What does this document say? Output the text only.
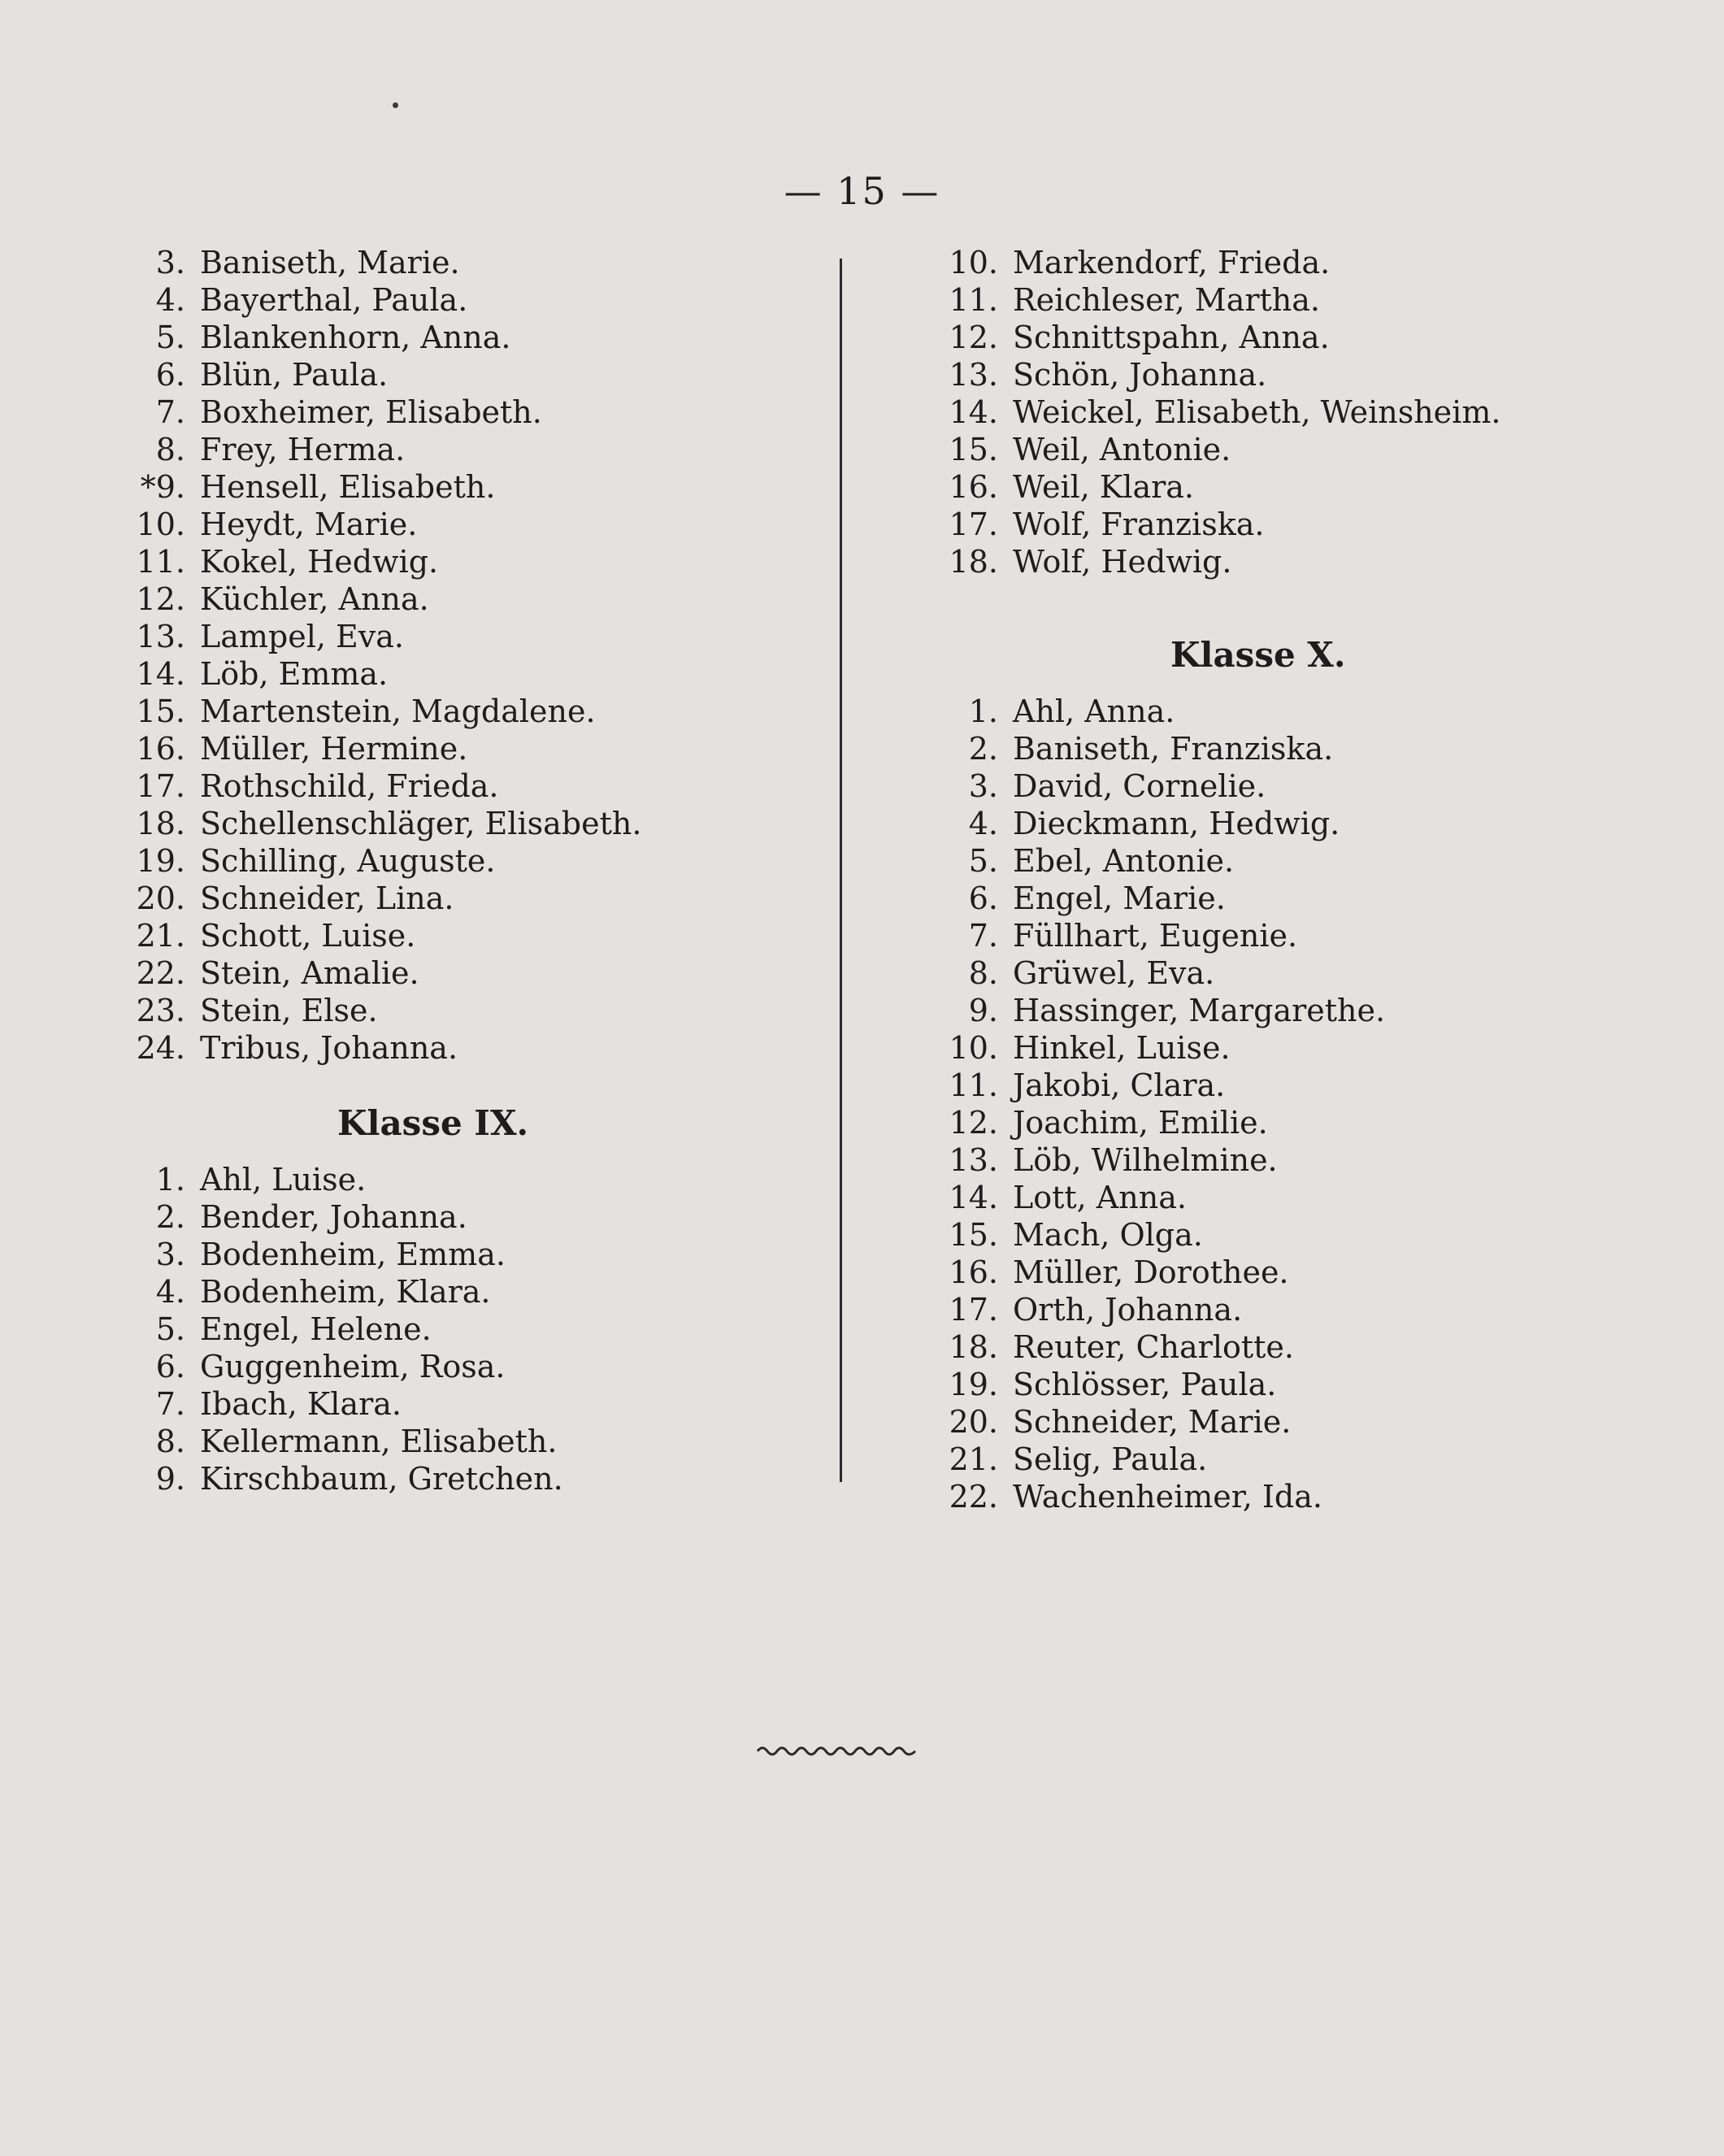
— 15 —
3. Baniseth, Marie.
4. Bayerthal, Paula.
5. Blankenhorn, Anna.
6. Blün, Paula.
7. Boxheimer, Elisabeth.
8. Frey, Herma.
*9. Hensell, Elisabeth.
10. Heydt, Marie.
11. Kokel, Hedwig.
12. Küchler, Anna.
13. Lampel, Eva.
14. Löb, Emma.
15. Martenstein, Magdalene.
16. Müller, Hermine.
17. Rothschild, Frieda.
18. Schellenschläger, Elisabeth.
19. Schilling, Auguste.
20. Schneider, Lina.
21. Schott, Luise.
22. Stein, Amalie.
23. Stein, Else.
24. Tribus, Johanna.
Klasse IX.
1. Ahl, Luise.
2. Bender, Johanna.
3. Bodenheim, Emma.
4. Bodenheim, Klara.
5. Engel, Helene.
6. Guggenheim, Rosa.
7. Ibach, Klara.
8. Kellermann, Elisabeth.
9. Kirschbaum, Gretchen.
10. Markendorf, Frieda.
11. Reichleser, Martha.
12. Schnittspahn, Anna.
13. Schön, Johanna.
14. Weickel, Elisabeth, Weinsheim.
15. Weil, Antonie.
16. Weil, Klara.
17. Wolf, Franziska.
18. Wolf, Hedwig.
Klasse X.
1. Ahl, Anna.
2. Baniseth, Franziska.
3. David, Cornelie.
4. Dieckmann, Hedwig.
5. Ebel, Antonie.
6. Engel, Marie.
7. Füllhart, Eugenie.
8. Grüwel, Eva.
9. Hassinger, Margarethe.
10. Hinkel, Luise.
11. Jakobi, Clara.
12. Joachim, Emilie.
13. Löb, Wilhelmine.
14. Lott, Anna.
15. Mach, Olga.
16. Müller, Dorothee.
17. Orth, Johanna.
18. Reuter, Charlotte.
19. Schlösser, Paula.
20. Schneider, Marie.
21. Selig, Paula.
22. Wachenheimer, Ida.
